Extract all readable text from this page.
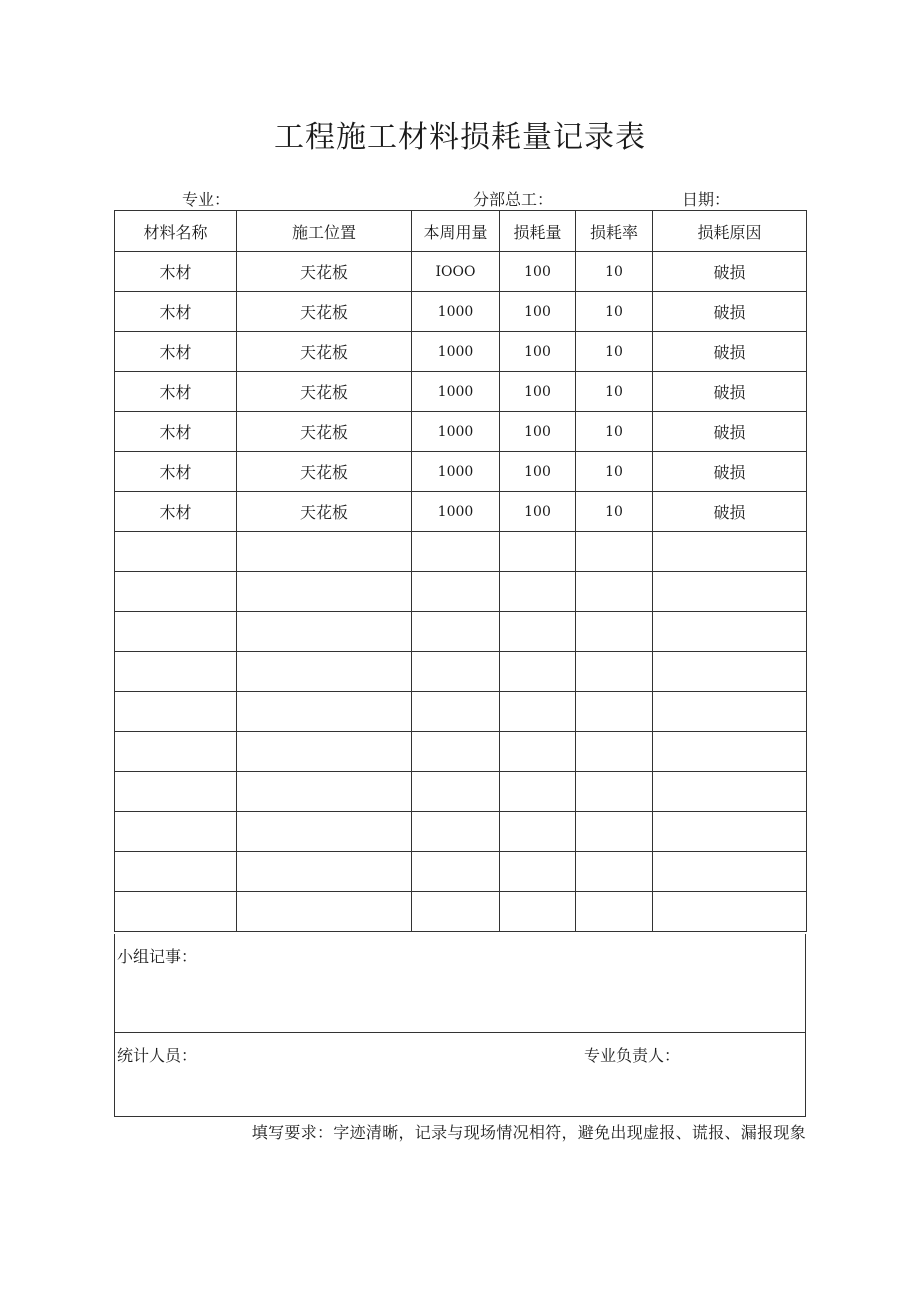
工程施工材料损耗量记录表
专业：	分部总工：	日期：
材料名称	施工位置	本周用量	损耗量	损耗率	损耗原因
木材	天花板	IOOO	100	10	破损
木材	天花板	1000	100	10	破损
木材	天花板	1000	100	10	破损
木材	天花板	1000	100	10	破损
木材	天花板	1000	100	10	破损
木材	天花板	1000	100	10	破损
木材	天花板	1000	100	10	破损

小组记事：
统计人员：	专业负责人：
填写要求：字迹清晰，记录与现场情况相符，避免出现虚报、谎报、漏报现象
